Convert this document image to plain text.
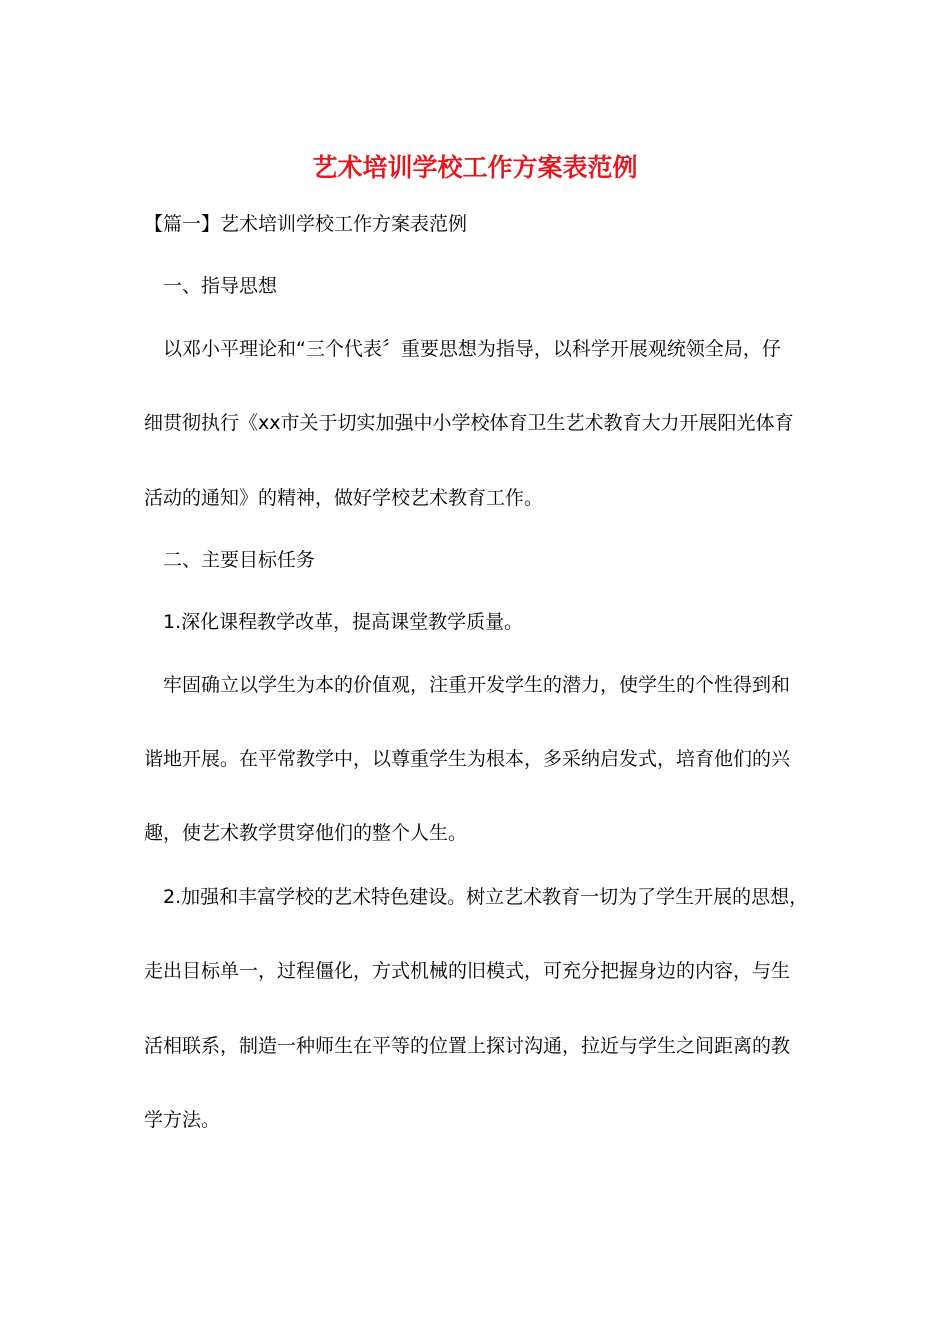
艺术培训学校工作方案表范例

【篇一】艺术培训学校工作方案表范例

一、指导思想

以邓小平理论和“三个代表〞重要思想为指导，以科学开展观统领全局，仔

细贯彻执行《xx市关于切实加强中小学校体育卫生艺术教育大力开展阳光体育

活动的通知》的精神，做好学校艺术教育工作。

二、主要目标任务

1.深化课程教学改革，提高课堂教学质量。

牢固确立以学生为本的价值观，注重开发学生的潜力，使学生的个性得到和

谐地开展。在平常教学中，以尊重学生为根本，多采纳启发式，培育他们的兴

趣，使艺术教学贯穿他们的整个人生。

2.加强和丰富学校的艺术特色建设。树立艺术教育一切为了学生开展的思想，

走出目标单一，过程僵化，方式机械的旧模式，可充分把握身边的内容，与生

活相联系，制造一种师生在平等的位置上探讨沟通，拉近与学生之间距离的教

学方法。
